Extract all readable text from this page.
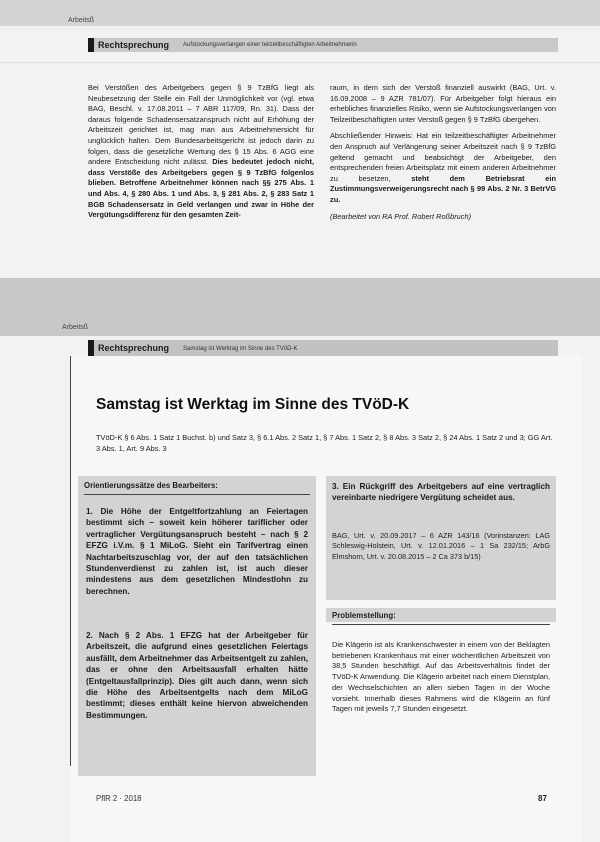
Arbeitsß
Rechtsprechung Aufstockungsverlangen einer teilzeitbeschäftigten Arbeitnehmerin

Bei Verstößen des Arbeitgebers gegen § 9 TzBfG liegt als Neubesetzung der Stelle ein Fall der Unmöglichkeit vor (vgl. etwa BAG, Beschl. v. 17.08.2011 – 7 ABR 117/09, Rn. 31). Dass der daraus folgende Schadensersatzanspruch nicht auf Erhöhung der Arbeitszeit gerichtet ist, mag man aus Arbeitnehmersicht für unglücklich halten. Dem Bundesarbeitsgericht ist jedoch darin zu folgen, dass die gesetzliche Wertung des § 15 Abs. 6 AGG eine andere Entscheidung nicht zulässt. Dies bedeutet jedoch nicht, dass Verstöße des Arbeitgebers gegen § 9 TzBfG folgenlos blieben. Betroffene Arbeitnehmer können nach §§ 275 Abs. 1 und Abs. 4, § 280 Abs. 1 und Abs. 3, § 281 Abs. 2, § 283 Satz 1 BGB Schadensersatz in Geld verlangen und zwar in Höhe der Vergütungsdifferenz für den gesamten Zeit-

raum, in dem sich der Verstoß finanziell auswirkt (BAG, Urt. v. 16.09.2008 – 9 AZR 781/07). Für Arbeitgeber folgt hieraus ein erhebliches finanzielles Risiko, wenn sie Aufstockungsverlangen von Teilzeitbeschäftigten unter Verstoß gegen § 9 TzBfG übergehen.

Abschließender Hinweis: Hat ein teilzeitbeschäftigter Arbeitnehmer den Anspruch auf Verlängerung seiner Arbeitszeit nach § 9 TzBfG geltend gemacht und beabsichtigt der Arbeitgeber, den entsprechenden freien Arbeitsplatz mit einem anderen Arbeitnehmer zu besetzen,	steht dem Betriebsrat ein Zustimmungsverweigerungsrecht nach § 99 Abs. 2 Nr. 3 BetrVG zu.

(Bearbeitet von RA Prof. Robert Roßbruch)

Arbeitsß
Rechtsprechung Samstag ist Werktag im Sinne des TVöD-K
Samstag ist Werktag im Sinne des TVöD-K
TVöD-K § 6 Abs. 1 Satz 1 Buchst. b) und Satz 3, § 6.1 Abs. 2 Satz 1, § 7 Abs. 1 Satz 2, § 8 Abs. 3 Satz 2, § 24 Abs. 1 Satz 2 und 3; GG Art. 3 Abs. 1, Art. 9 Abs. 3
Orientierungssätze des Bearbeiters:
1. Die Höhe der Entgeltfortzahlung an Feiertagen bestimmt sich – soweit kein höherer tariflicher oder vertraglicher Vergütungsanspruch besteht – nach § 2 EFZG i.V.m. § 1 MiLoG. Sieht ein Tarifvertrag einen Nachtarbeitszuschlag vor, der auf den tatsächlichen Stundenverdienst zu zahlen ist, ist auch dieser mindestens aus dem gesetzlichen Mindestlohn zu berechnen.
2. Nach § 2 Abs. 1 EFZG hat der Arbeitgeber für Arbeitszeit, die aufgrund eines gesetzlichen Feiertags ausfällt, dem Arbeitnehmer das Arbeitsentgelt zu zahlen, das er ohne den Arbeitsausfall erhalten hätte (Entgeltausfallprinzip). Dies gilt auch dann, wenn sich die Höhe des Arbeitsentgelts nach dem MiLoG bestimmt; dieses enthält keine hiervon abweichenden Bestimmungen.
3. Ein Rückgriff des Arbeitgebers auf eine vertraglich vereinbarte niedrigere Vergütung scheidet aus.
BAG, Urt. v. 20.09.2017 – 6 AZR 143/16 (Vorinstanzen: LAG Schleswig-Holstein, Urt. v. 12.01.2016 – 1 Sa 232/15; ArbG Elmshorn, Urt. v. 20.08.2015 – 2 Ca 373 b/15)
Problemstellung:
Die Klägerin ist als Krankenschwester in einem von der Beklagten betriebenen Krankenhaus mit einer wöchentlichen Arbeitszeit von 38,5 Stunden beschäftigt. Auf das Arbeitsverhältnis findet der TVöD-K Anwendung. Die Klägerin arbeitet nach einem Dienstplan, der Wechselschichten an allen sieben Tagen in der Woche vorsieht. Innerhalb dieses Rahmens wird die Klägerin an fünf Tagen mit jeweils 7,7 Stunden eingesetzt.
PflR 2 · 2018	87
